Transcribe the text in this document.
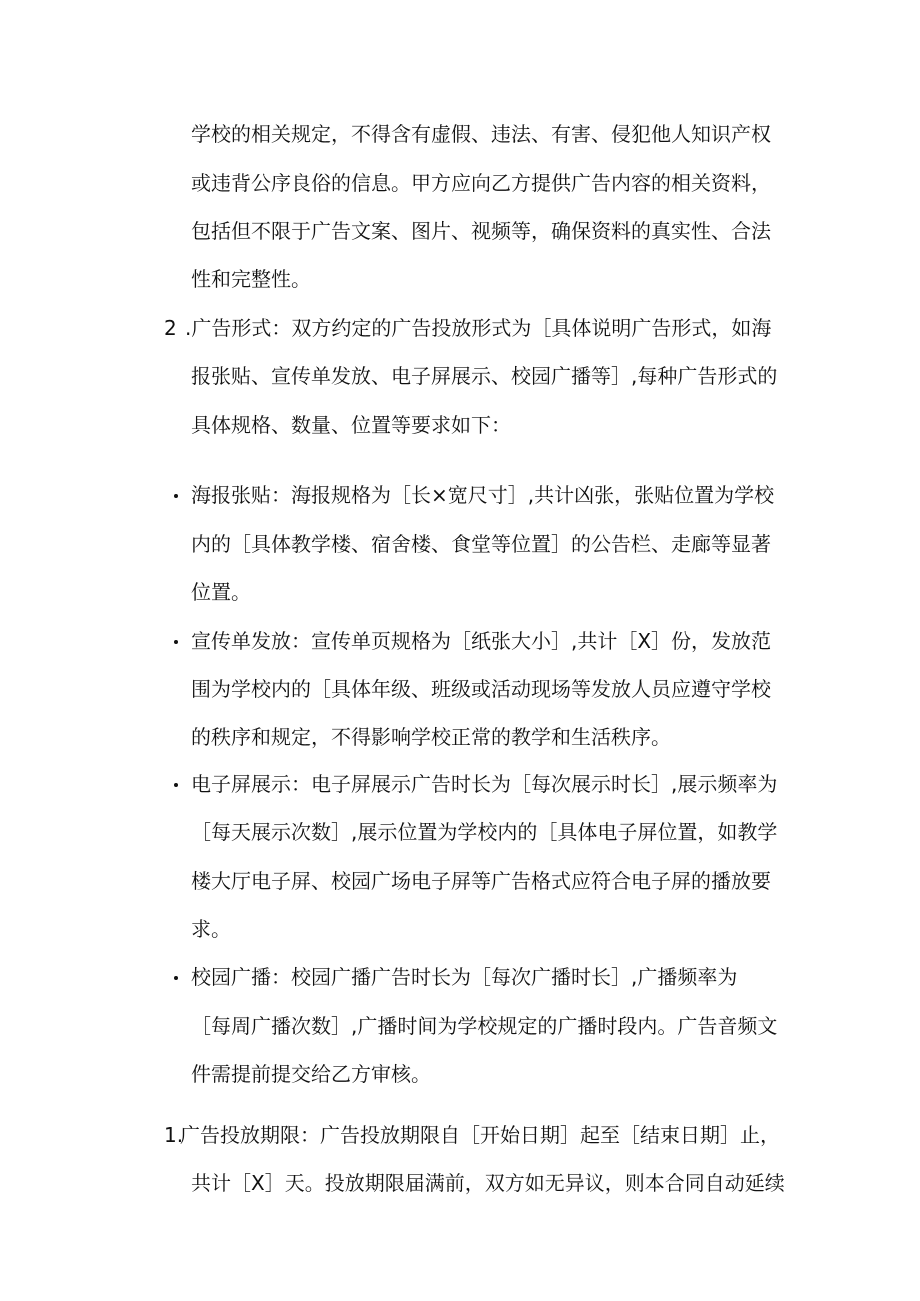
学校的相关规定，不得含有虚假、违法、有害、侵犯他人知识产权
或违背公序良俗的信息。甲方应向乙方提供广告内容的相关资料，
包括但不限于广告文案、图片、视频等，确保资料的真实性、合法
性和完整性。
2 .广告形式：双方约定的广告投放形式为［具体说明广告形式，如海
报张贴、宣传单发放、电子屏展示、校园广播等］,每种广告形式的
具体规格、数量、位置等要求如下：
海报张贴：海报规格为［长×宽尺寸］,共计凶张，张贴位置为学校
内的［具体教学楼、宿舍楼、食堂等位置］的公告栏、走廊等显著
位置。
宣传单发放：宣传单页规格为［纸张大小］,共计［X］份，发放范
围为学校内的［具体年级、班级或活动现场等发放人员应遵守学校
的秩序和规定，不得影响学校正常的教学和生活秩序。
电子屏展示：电子屏展示广告时长为［每次展示时长］,展示频率为
［每天展示次数］,展示位置为学校内的［具体电子屏位置，如教学
楼大厅电子屏、校园广场电子屏等广告格式应符合电子屏的播放要
求。
校园广播：校园广播广告时长为［每次广播时长］,广播频率为
［每周广播次数］,广播时间为学校规定的广播时段内。广告音频文
件需提前提交给乙方审核。
1.
广告投放期限：广告投放期限自［开始日期］起至［结束日期］止，
共计［X］天。投放期限届满前，双方如无异议，则本合同自动延续
